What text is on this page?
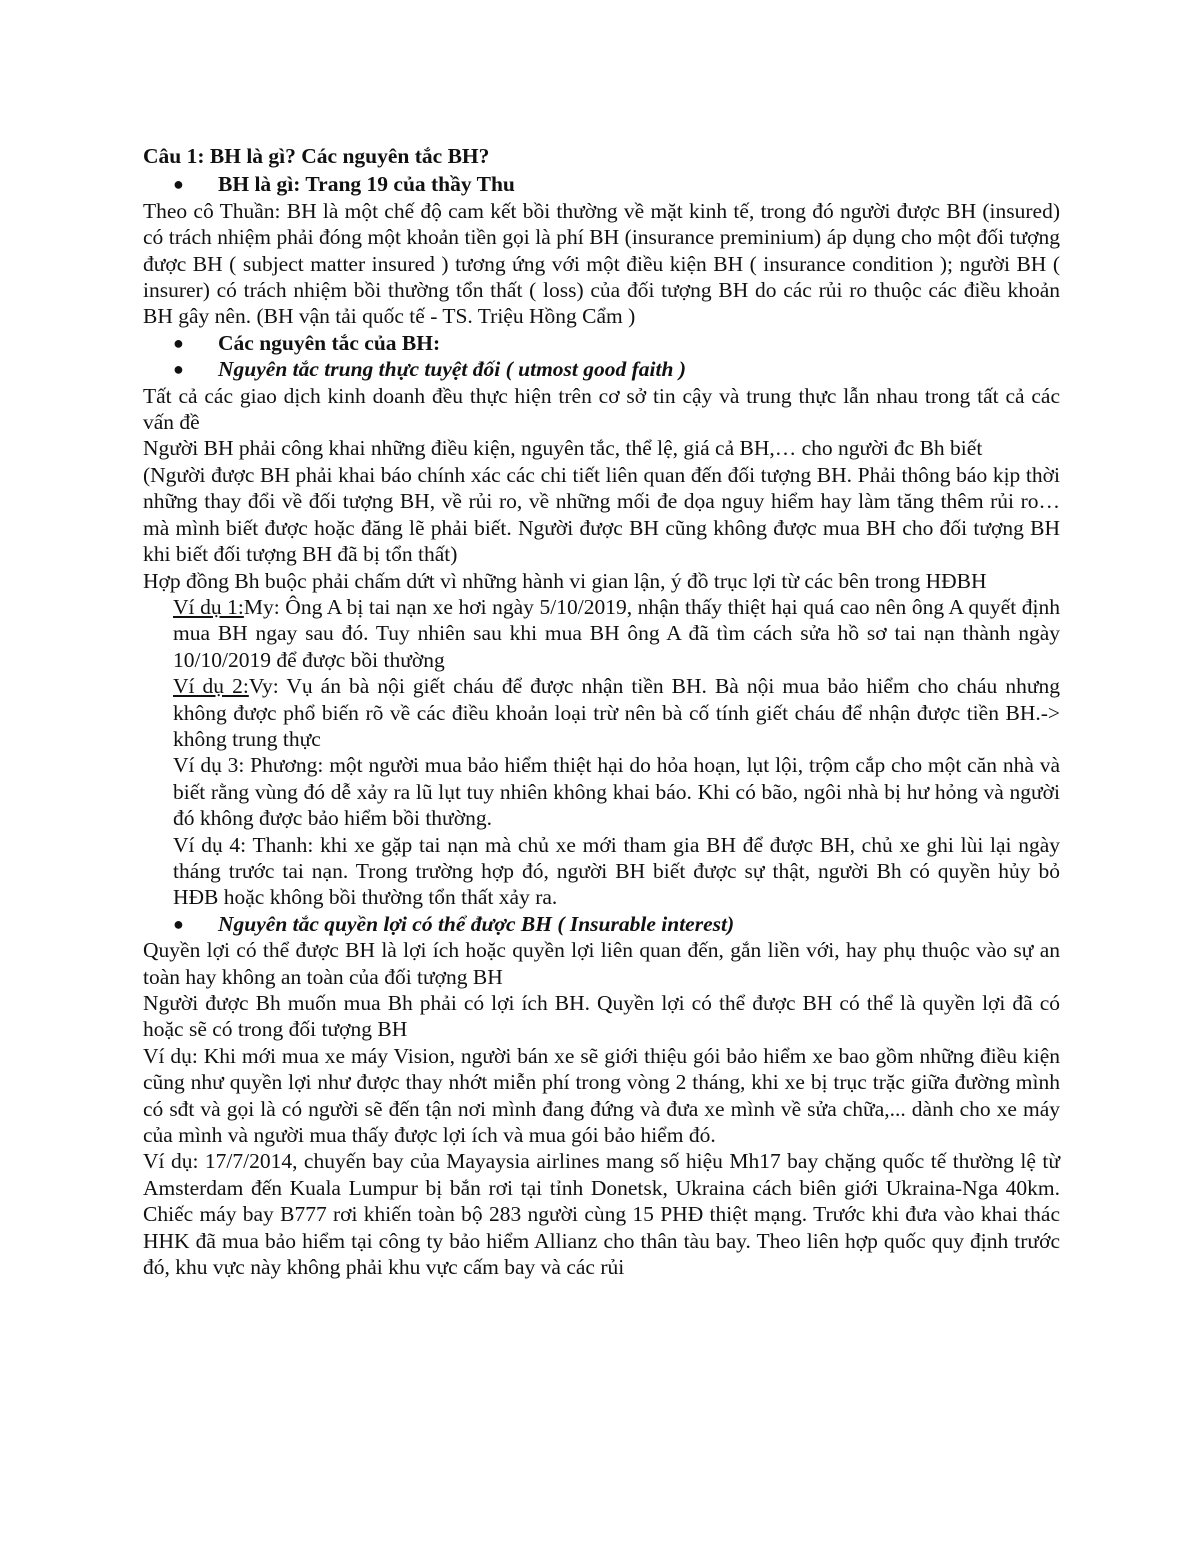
Câu 1: BH là gì? Các nguyên tắc BH?

● BH là gì: Trang 19 của thầy Thu

Theo cô Thuần: BH là một chế độ cam kết bồi thường về mặt kinh tế, trong đó người được BH (insured) có trách nhiệm phải đóng một khoản tiền gọi là phí BH (insurance preminium) áp dụng cho một đối tượng được BH ( subject matter insured ) tương ứng với một điều kiện BH ( insurance condition ); người BH ( insurer) có trách nhiệm bồi thường tổn thất ( loss) của đối tượng BH do các rủi ro thuộc các điều khoản BH gây nên. (BH vận tải quốc tế - TS. Triệu Hồng Cẩm )

● Các nguyên tắc của BH:

● Nguyên tắc trung thực tuyệt đối ( utmost good faith )

Tất cả các giao dịch kinh doanh đều thực hiện trên cơ sở tin cậy và trung thực lẫn nhau trong tất cả các vấn đề

Người BH phải công khai những điều kiện, nguyên tắc, thể lệ, giá cả BH,… cho người đc Bh biết

(Người được BH phải khai báo chính xác các chi tiết liên quan đến đối tượng BH. Phải thông báo kịp thời những thay đổi về đối tượng BH, về rủi ro, về những mối đe dọa nguy hiểm hay làm tăng thêm rủi ro… mà mình biết được hoặc đăng lẽ phải biết. Người được BH cũng không được mua BH cho đối tượng BH khi biết đối tượng BH đã bị tổn thất)

Hợp đồng Bh buộc phải chấm dứt vì những hành vi gian lận, ý đồ trục lợi từ các bên trong HĐBH

Ví dụ 1:My: Ông A bị tai nạn xe hơi ngày 5/10/2019, nhận thấy thiệt hại quá cao nên ông A quyết định mua BH ngay sau đó. Tuy nhiên sau khi mua BH ông A đã tìm cách sửa hồ sơ tai nạn thành ngày 10/10/2019 để được bồi thường

Ví dụ 2:Vy: Vụ án bà nội giết cháu để được nhận tiền BH. Bà nội mua bảo hiểm cho cháu nhưng không được phổ biến rõ về các điều khoản loại trừ nên bà cố tính giết cháu để nhận được tiền BH.-> không trung thực

Ví dụ 3: Phương: một người mua bảo hiểm thiệt hại do hỏa hoạn, lụt lội, trộm cắp cho một căn nhà và biết rằng vùng đó dễ xảy ra lũ lụt tuy nhiên không khai báo. Khi có bão, ngôi nhà bị hư hỏng và người đó không được bảo hiểm bồi thường.

Ví dụ 4: Thanh: khi xe gặp tai nạn mà chủ xe mới tham gia BH để được BH, chủ xe ghi lùi lại ngày tháng trước tai nạn. Trong trường hợp đó, người BH biết được sự thật, người Bh có quyền hủy bỏ HĐB hoặc không bồi thường tổn thất xảy ra.

● Nguyên tắc quyền lợi có thể được BH ( Insurable interest)

Quyền lợi có thể được BH là lợi ích hoặc quyền lợi liên quan đến, gắn liền với, hay phụ thuộc vào sự an toàn hay không an toàn của đối tượng BH

Người được Bh muốn mua Bh phải có lợi ích BH. Quyền lợi có thể được BH có thể là quyền lợi đã có hoặc sẽ có trong đối tượng BH

Ví dụ: Khi mới mua xe máy Vision, người bán xe sẽ giới thiệu gói bảo hiểm xe bao gồm những điều kiện cũng như quyền lợi như được thay nhớt miễn phí trong vòng 2 tháng, khi xe bị trục trặc giữa đường mình có sđt và gọi là có người sẽ đến tận nơi mình đang đứng và đưa xe mình về sửa chữa,... dành cho xe máy của mình và người mua thấy được lợi ích và mua gói bảo hiểm đó.

Ví dụ: 17/7/2014, chuyến bay của Mayaysia airlines mang số hiệu Mh17 bay chặng quốc tế thường lệ từ Amsterdam đến Kuala Lumpur bị bắn rơi tại tỉnh Donetsk, Ukraina cách biên giới Ukraina-Nga 40km. Chiếc máy bay B777 rơi khiến toàn bộ 283 người cùng 15 PHĐ thiệt mạng. Trước khi đưa vào khai thác HHK đã mua bảo hiểm tại công ty bảo hiểm Allianz cho thân tàu bay. Theo liên hợp quốc quy định trước đó, khu vực này không phải khu vực cấm bay và các rủi
